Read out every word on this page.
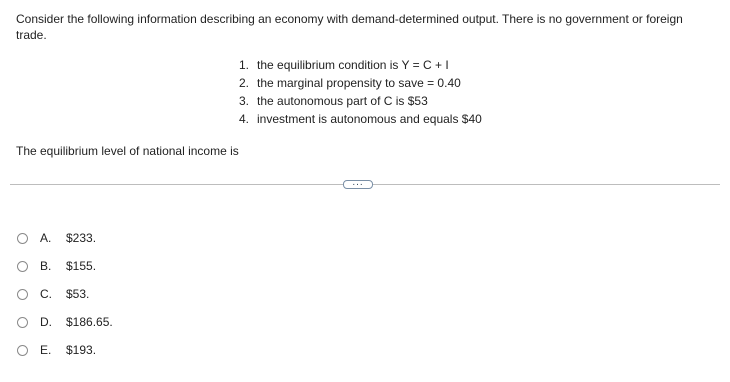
Consider the following information describing an economy with demand-determined output. There is no government or foreign trade.
1. the equilibrium condition is Y = C + I
2. the marginal propensity to save = 0.40
3. the autonomous part of C is $53
4. investment is autonomous and equals $40
The equilibrium level of national income is
...
A.	$233.
B.	$155.
C.	$53.
D.	$186.65.
E.	$193.
